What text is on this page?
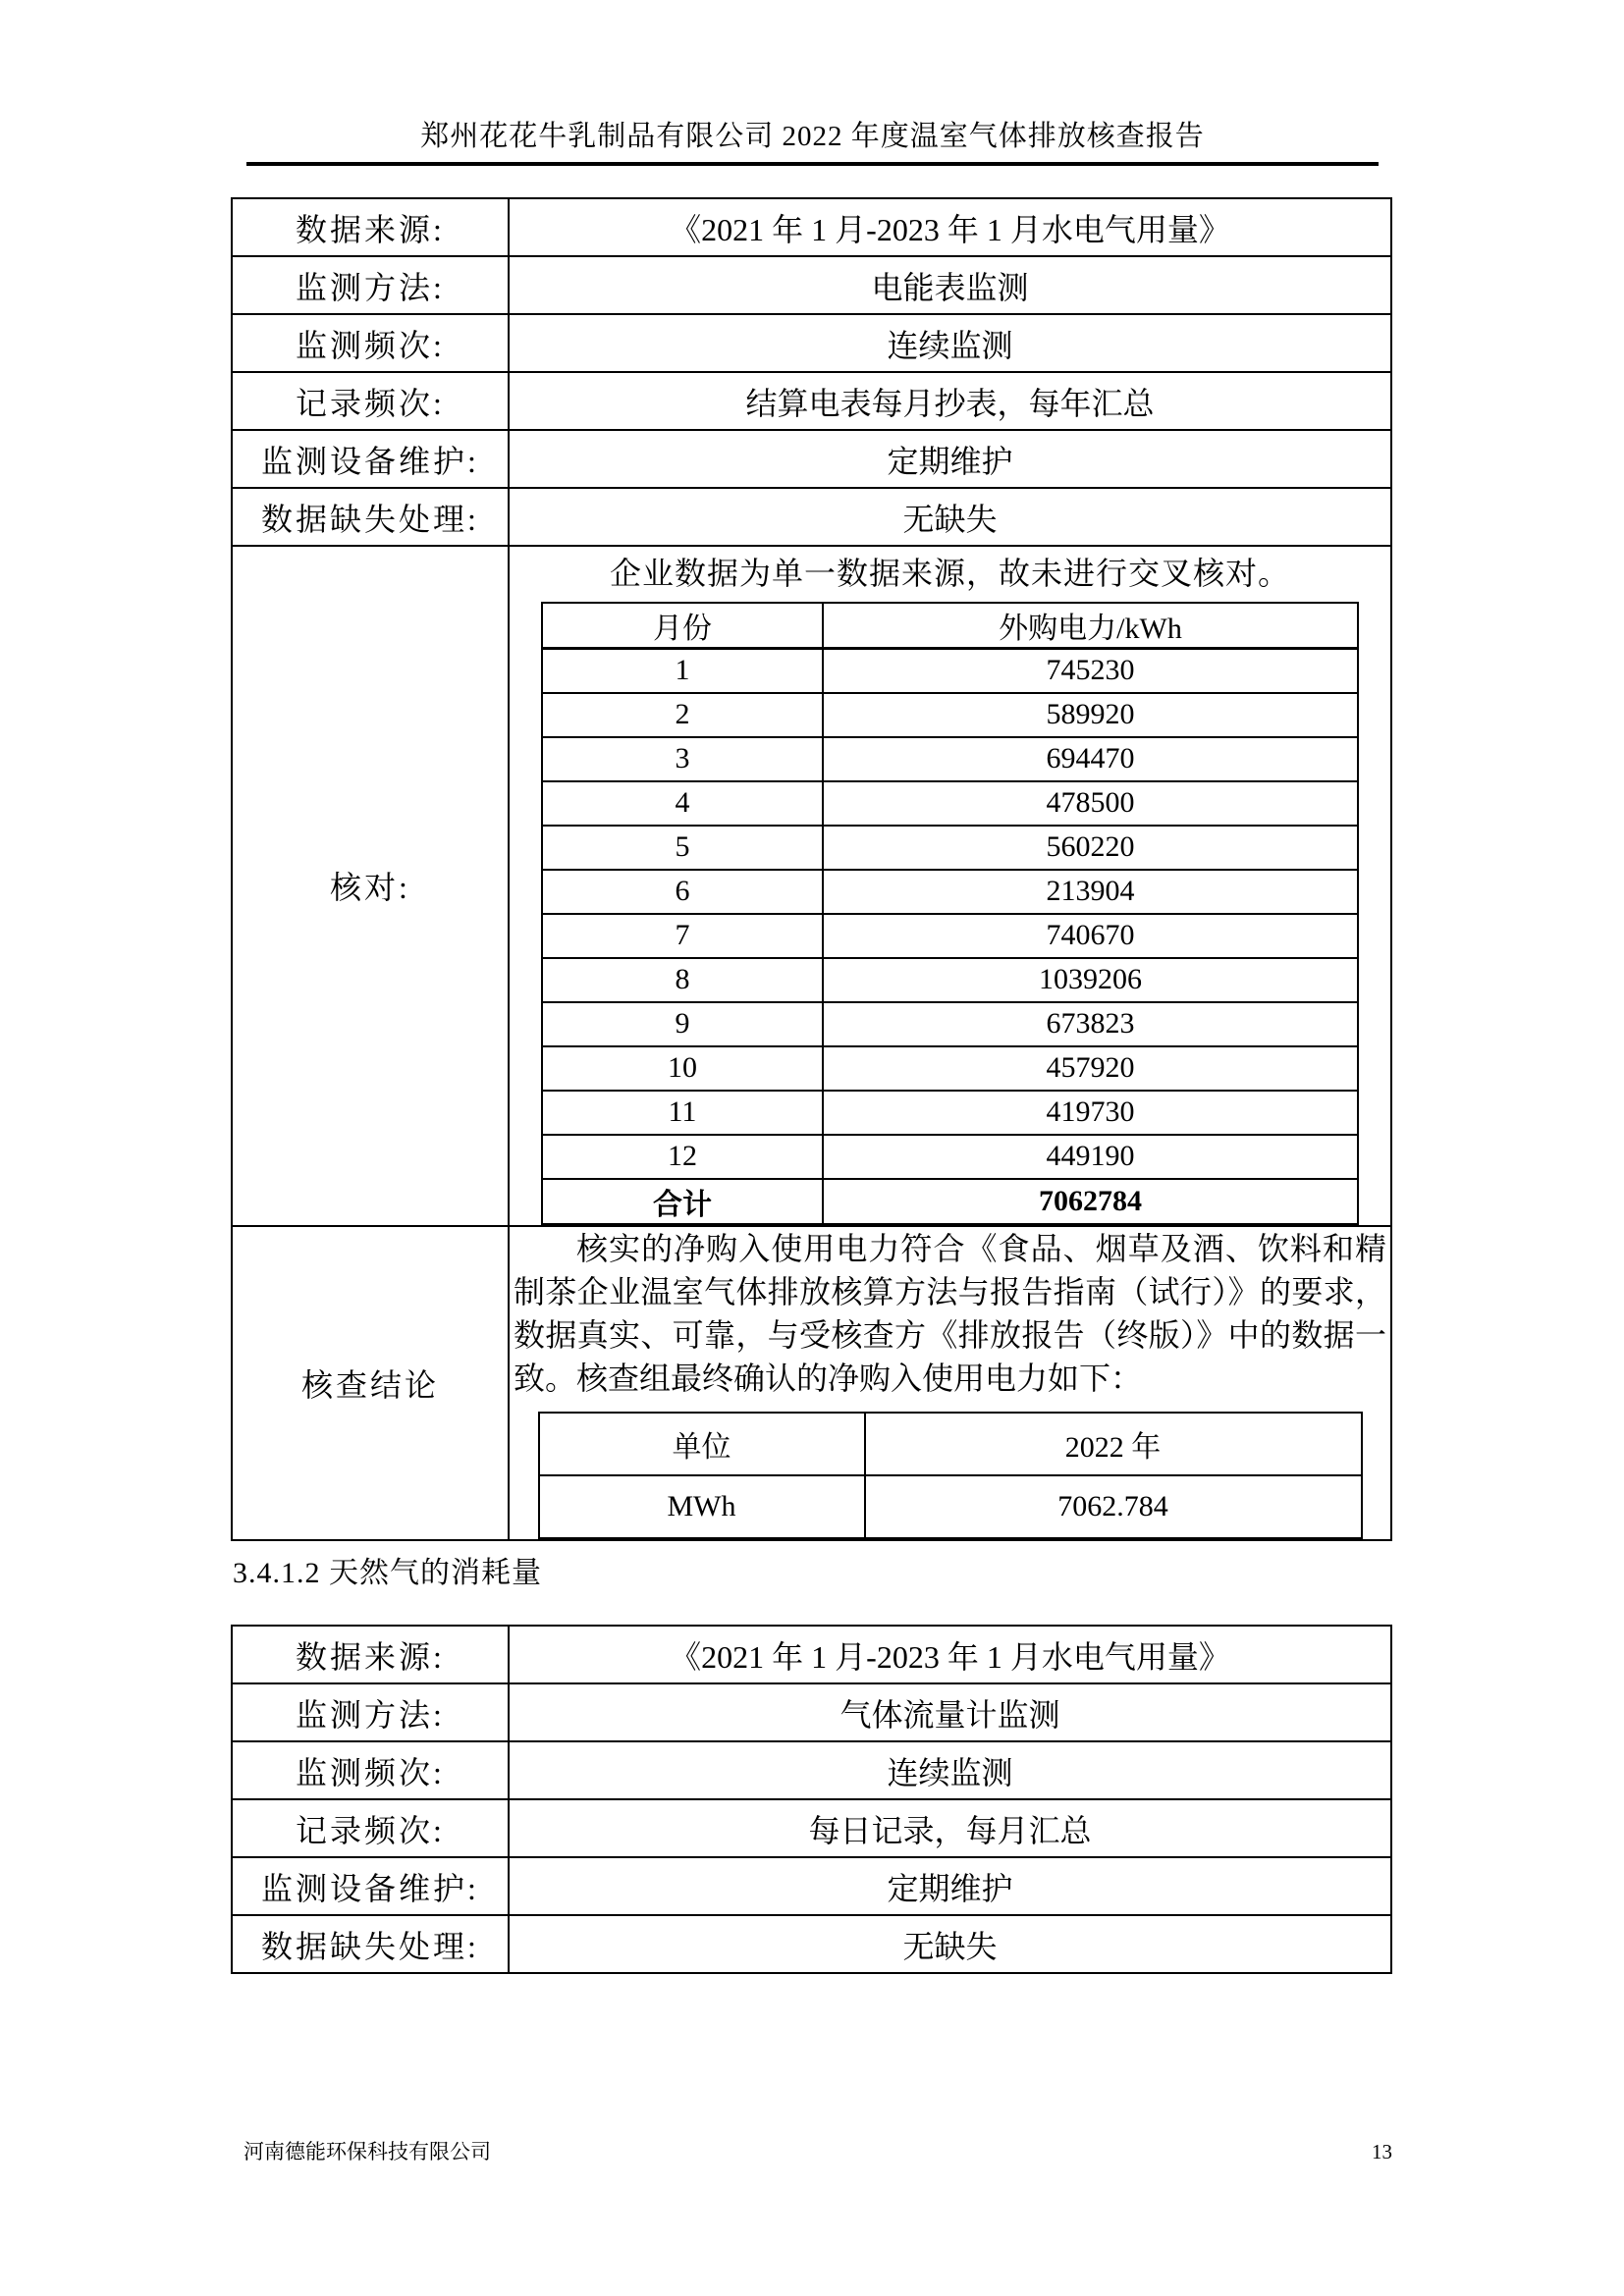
郑州花花牛乳制品有限公司 2022 年度温室气体排放核查报告
数据来源:	《2021 年 1 月-2023 年 1 月水电气用量》
监测方法:	电能表监测
监测频次:	连续监测
记录频次:	结算电表每月抄表，每年汇总
监测设备维护:	定期维护
数据缺失处理:	无缺失
核对:	
企业数据为单一数据来源，故未进行交叉核对。
月份	外购电力/kWh
1	745230
2	589920
3	694470
4	478500
5	560220
6	213904
7	740670
8	1039206
9	673823
10	457920
11	419730
12	449190
合计	7062784

核查结论	

核实的净购入使用电力符合《食品、烟草及酒、饮料和精制茶企业温室气体排放核算方法与报告指南（试行）》的要求，数据真实、可靠，与受核查方《排放报告（终版）》中的数据一致。核查组最终确认的净购入使用电力如下：

单位	2022 年
MWh	7062.784
3.4.1.2 天然气的消耗量
数据来源:	《2021 年 1 月-2023 年 1 月水电气用量》
监测方法:	气体流量计监测
监测频次:	连续监测
记录频次:	每日记录，每月汇总
监测设备维护:	定期维护
数据缺失处理:	无缺失
河南德能环保科技有限公司	13
